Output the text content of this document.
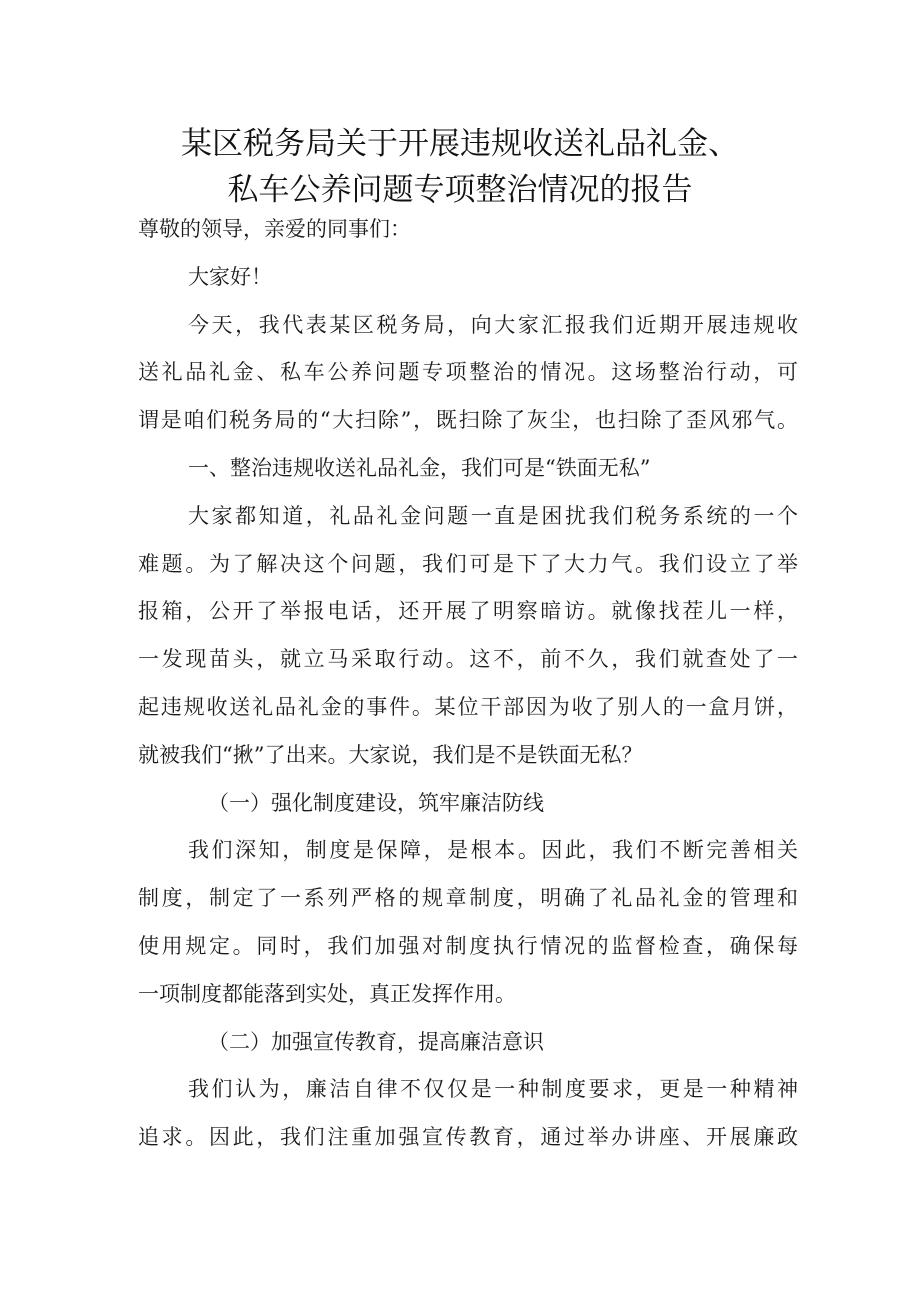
某区税务局关于开展违规收送礼品礼金、
私车公养问题专项整治情况的报告
尊敬的领导，亲爱的同事们：
大家好！
今天，我代表某区税务局，向大家汇报我们近期开展违规收
送礼品礼金、私车公养问题专项整治的情况。这场整治行动，可
谓是咱们税务局的“大扫除”，既扫除了灰尘，也扫除了歪风邪气。
一、整治违规收送礼品礼金，我们可是“铁面无私”
大家都知道，礼品礼金问题一直是困扰我们税务系统的一个
难题。为了解决这个问题，我们可是下了大力气。我们设立了举
报箱，公开了举报电话，还开展了明察暗访。就像找茬儿一样，
一发现苗头，就立马采取行动。这不，前不久，我们就查处了一
起违规收送礼品礼金的事件。某位干部因为收了别人的一盒月饼，
就被我们“揪”了出来。大家说，我们是不是铁面无私？
（一）强化制度建设，筑牢廉洁防线
我们深知，制度是保障，是根本。因此，我们不断完善相关
制度，制定了一系列严格的规章制度，明确了礼品礼金的管理和
使用规定。同时，我们加强对制度执行情况的监督检查，确保每
一项制度都能落到实处，真正发挥作用。
（二）加强宣传教育，提高廉洁意识
我们认为，廉洁自律不仅仅是一种制度要求，更是一种精神
追求。因此，我们注重加强宣传教育，通过举办讲座、开展廉政
